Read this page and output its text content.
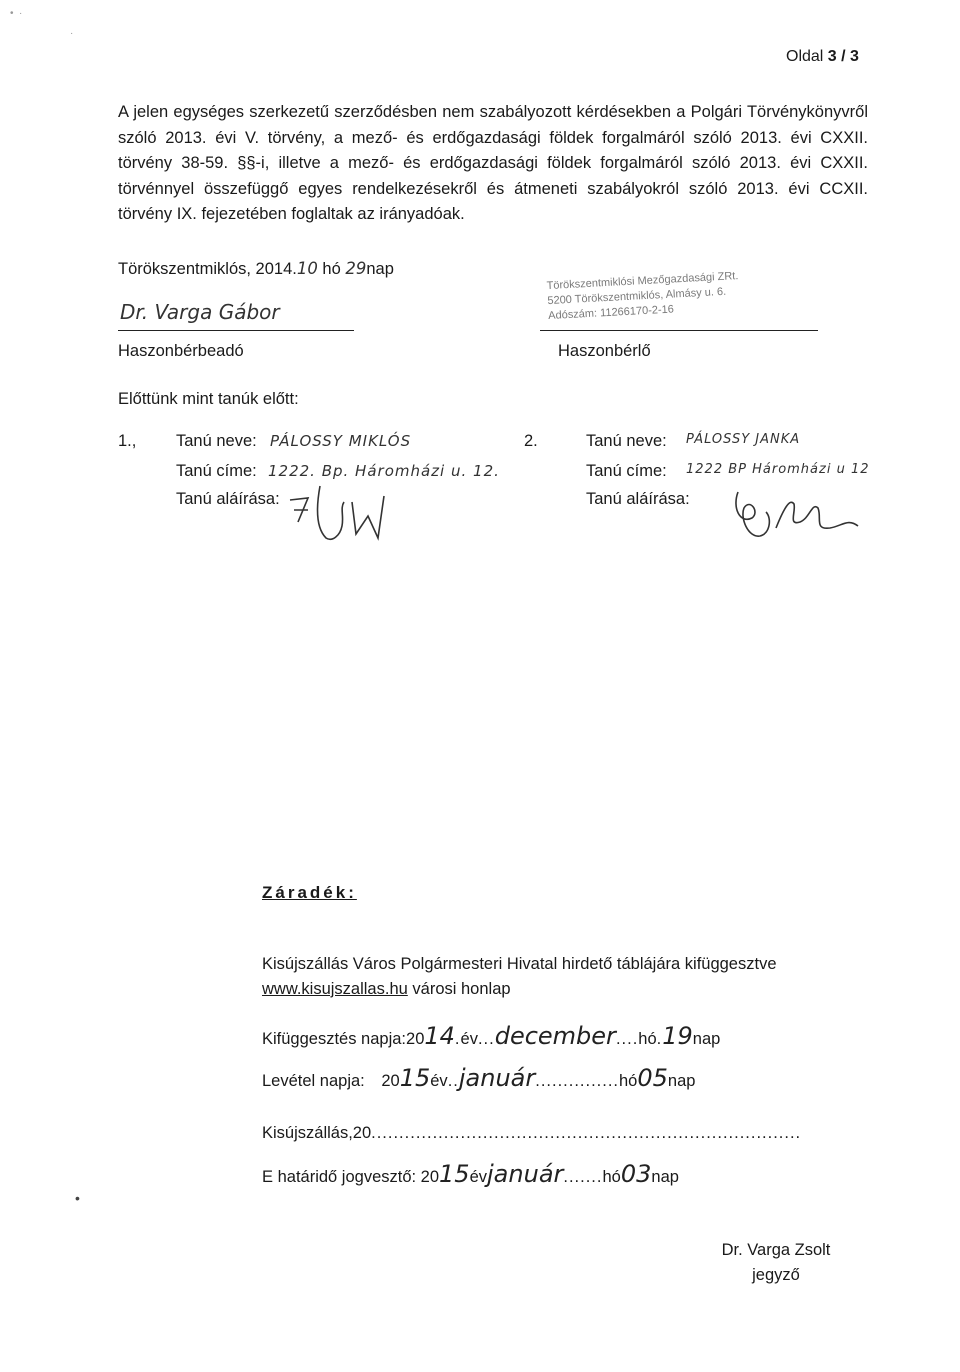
Oldal 3 / 3
A jelen egységes szerkezetű szerződésben nem szabályozott kérdésekben a Polgári Törvénykönyvről szóló 2013. évi V. törvény, a mező- és erdőgazdasági földek forgalmáról szóló 2013. évi CXXII. törvény 38-59. §§-i, illetve a mező- és erdőgazdasági földek forgalmáról szóló 2013. évi CXXII. törvénnyel összefüggő egyes rendelkezésekről és átmeneti szabályokról szóló 2013. évi CCXII. törvény IX. fejezetében foglaltak az irányadóak.
Törökszentmiklós, 2014.10 hó 29nap
Dr. Varga Gábor
Haszonbérbeadó
Törökszentmiklósi Mezőgazdasági ZRt.
5200 Törökszentmiklós, Almásy u. 6.
Adószám: 11266170-2-16
Haszonbérlő
Előttünk mint tanúk előtt:
1., Tanú neve: PÁLOSSY MIKLÓS
Tanú címe: 1222. Bp. Háromházi u. 12.
Tanú aláírása:
2.	Tanú neve: PÁLOSSY JANKA
Tanú címe: 1222 BP Háromházi u 12
Tanú aláírása:
Záradék:
Kisújszállás Város Polgármesteri Hivatal hirdető táblájára kifüggesztve
www.kisujszallas.hu városi honlap
Kifüggesztés napja:2014.év...december....hó.19nap
Levétel napja: 2015év..január...............hó05nap
Kisújszállás,20.............................................................................
E határidő jogvesztő: 2015évjanuár.......hó03nap
Dr. Varga Zsolt
jegyző
•  ·
·
•
